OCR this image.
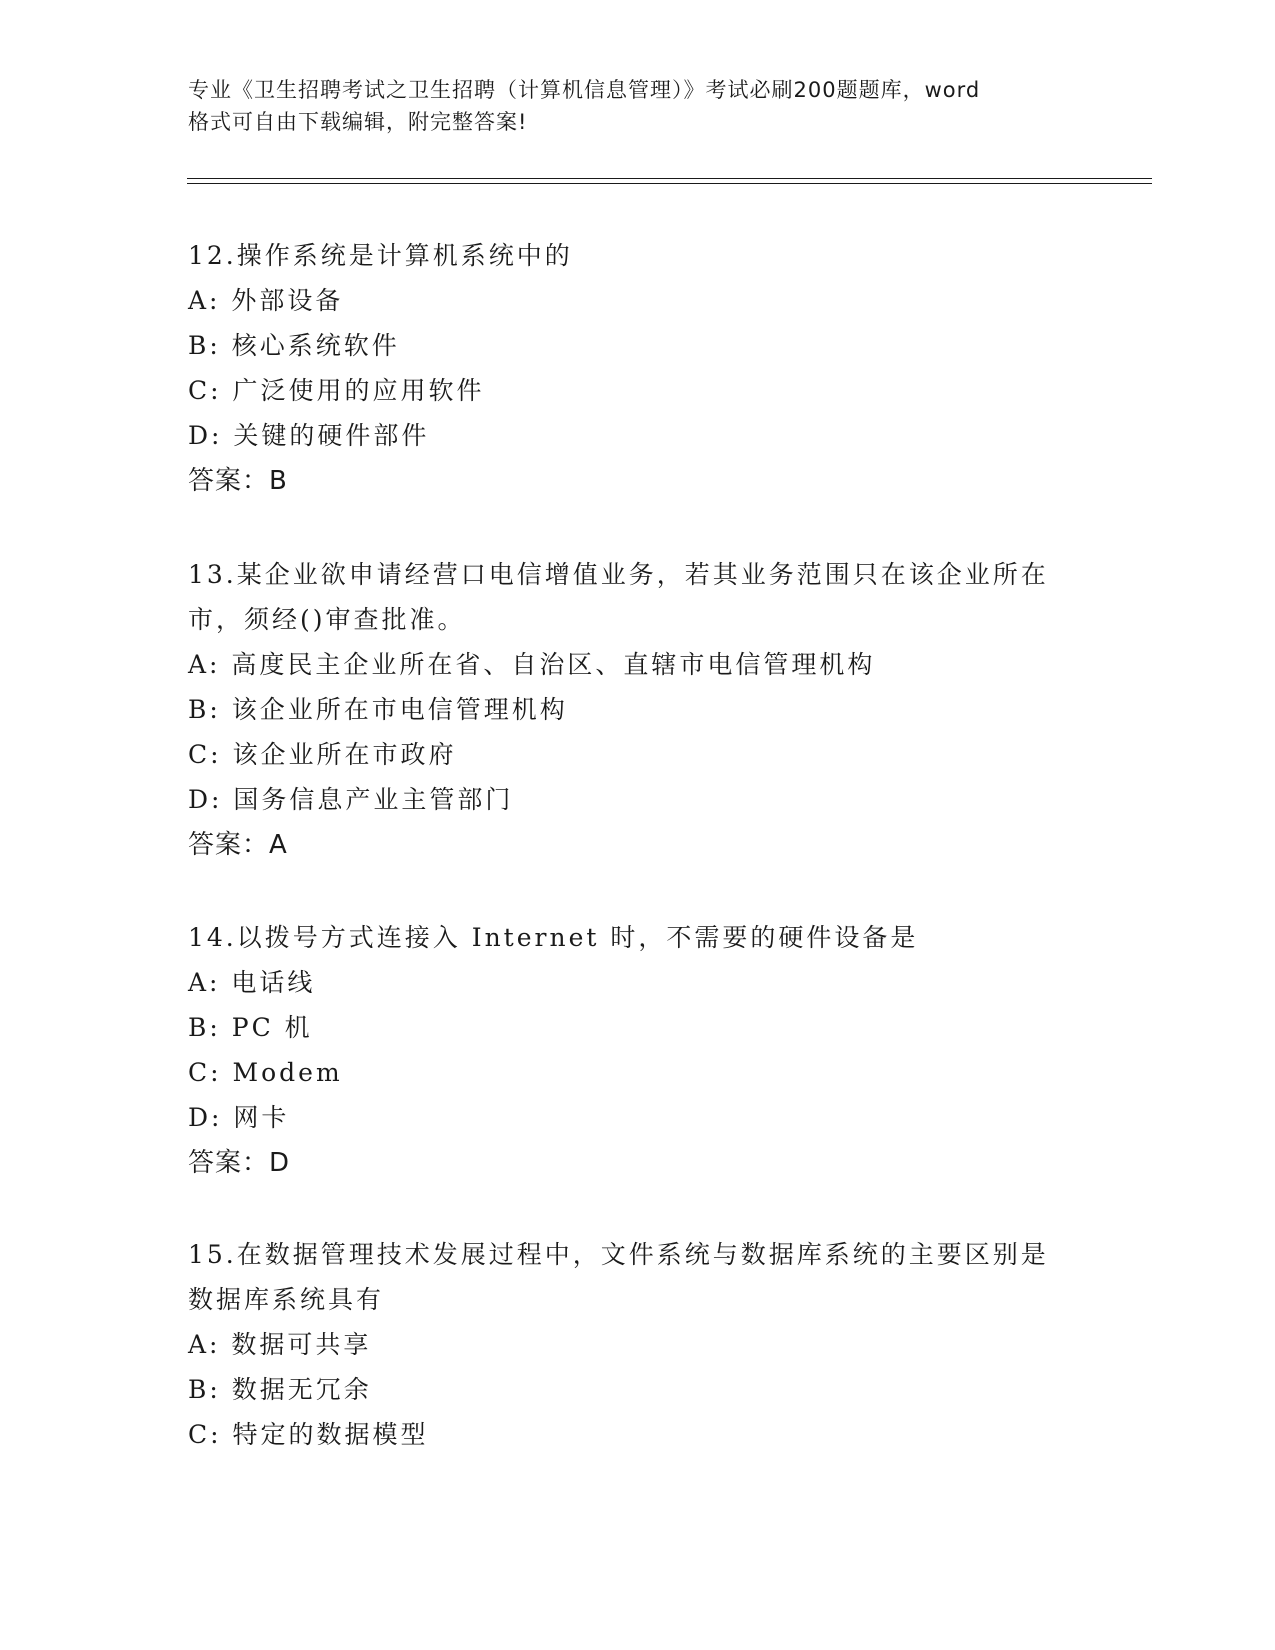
专业《卫生招聘考试之卫生招聘（计算机信息管理）》考试必刷200题题库，word
格式可自由下载编辑，附完整答案!

12.操作系统是计算机系统中的

A: 外部设备

B: 核心系统软件

C: 广泛使用的应用软件

D: 关键的硬件部件

答案：B

13.某企业欲申请经营口电信增值业务，若其业务范围只在该企业所在

市，须经()审查批准。

A: 高度民主企业所在省、自治区、直辖市电信管理机构

B: 该企业所在市电信管理机构

C: 该企业所在市政府

D: 国务信息产业主管部门

答案：A

14.以拨号方式连接入 Internet 时，不需要的硬件设备是

A: 电话线

B: PC 机

C: Modem

D: 网卡

答案：D

15.在数据管理技术发展过程中，文件系统与数据库系统的主要区别是

数据库系统具有

A: 数据可共享

B: 数据无冗余

C: 特定的数据模型
